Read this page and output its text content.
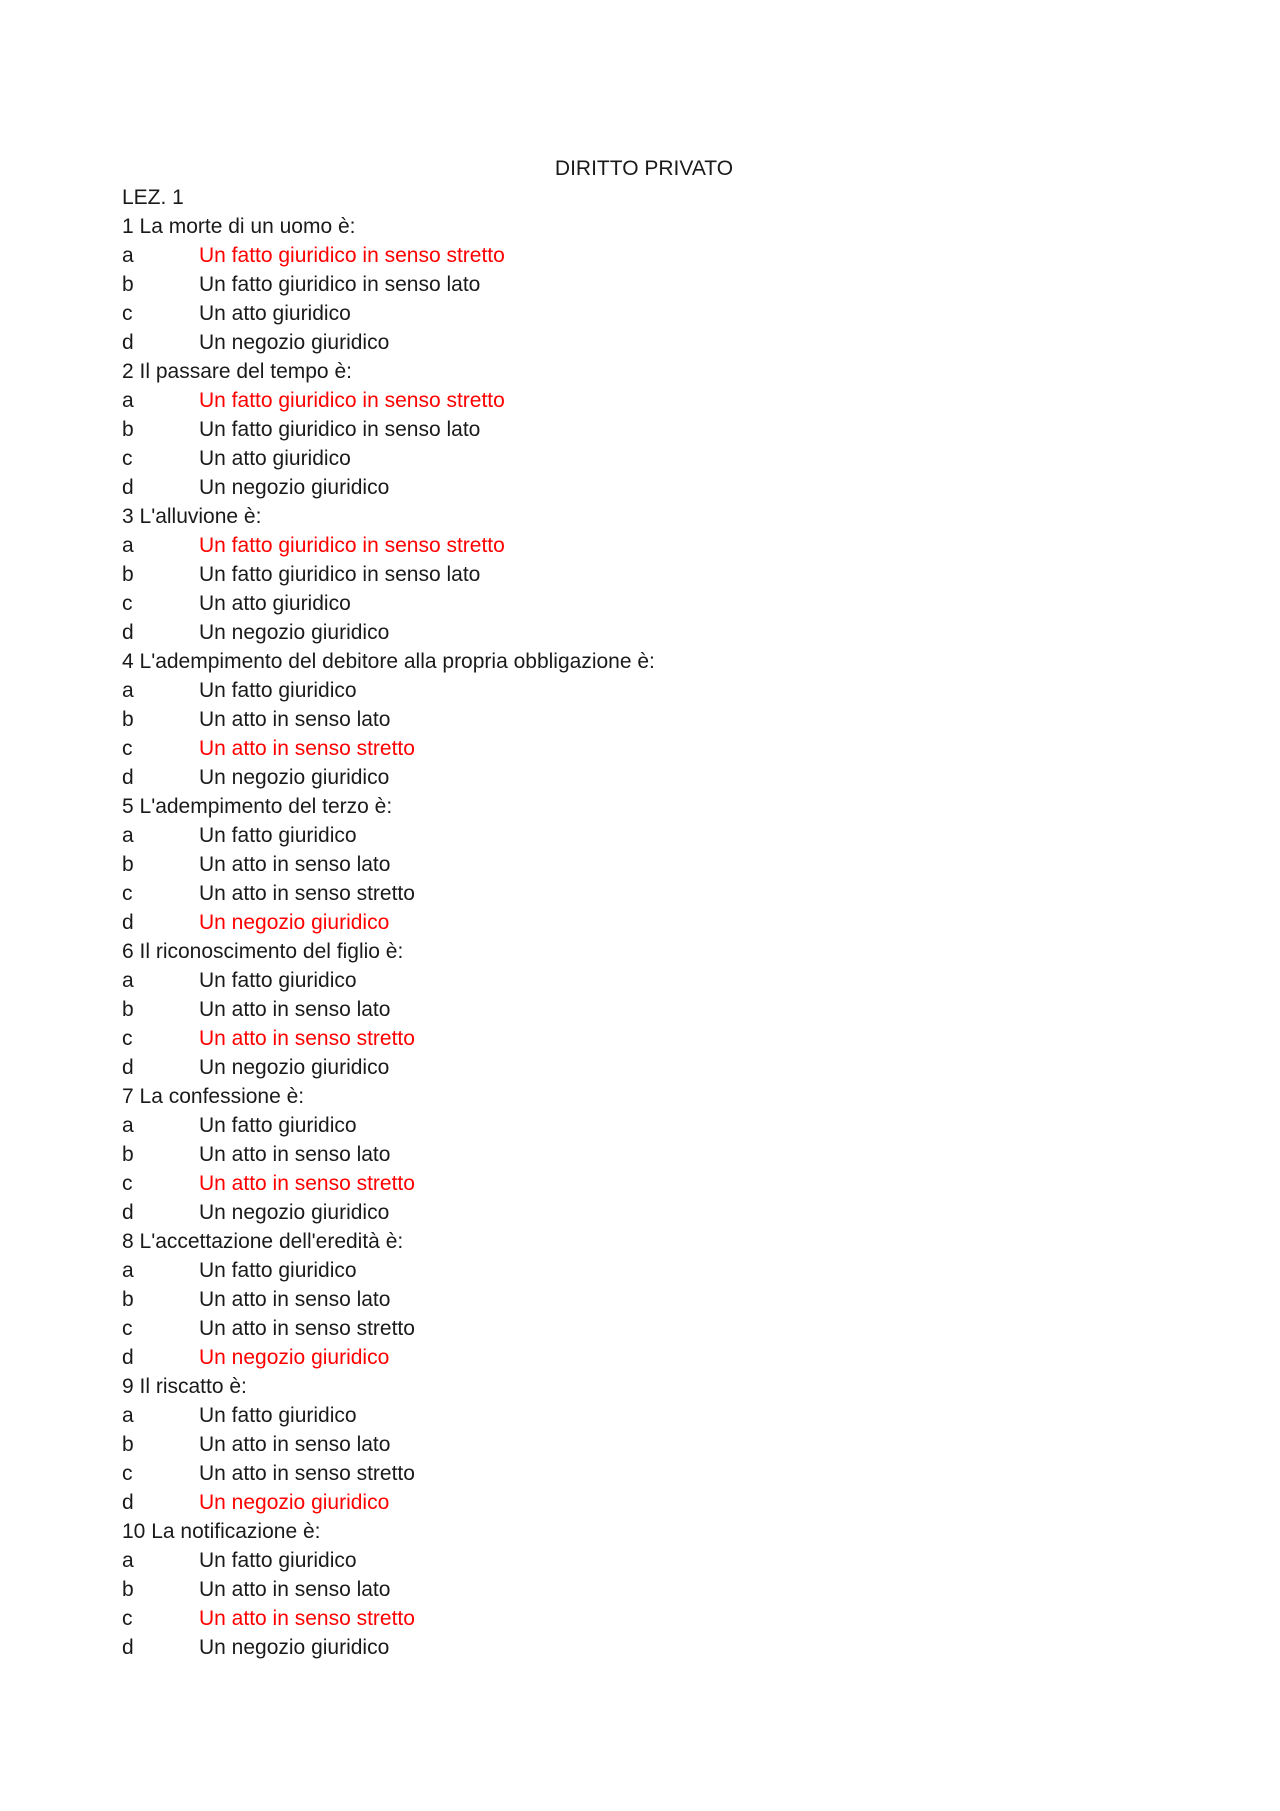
DIRITTO PRIVATO
LEZ. 1
1 La morte di un uomo è:
a	Un fatto giuridico in senso stretto
b	Un fatto giuridico in senso lato
c	Un atto giuridico
d	Un negozio giuridico
2 Il passare del tempo è:
a	Un fatto giuridico in senso stretto
b	Un fatto giuridico in senso lato
c	Un atto giuridico
d	Un negozio giuridico
3 L'alluvione è:
a	Un fatto giuridico in senso stretto
b	Un fatto giuridico in senso lato
c	Un atto giuridico
d	Un negozio giuridico
4 L'adempimento del debitore alla propria obbligazione è:
a	Un fatto giuridico
b	Un atto in senso lato
c	Un atto in senso stretto
d	Un negozio giuridico
5 L'adempimento del terzo è:
a	Un fatto giuridico
b	Un atto in senso lato
c	Un atto in senso stretto
d	Un negozio giuridico
6 Il riconoscimento del figlio è:
a	Un fatto giuridico
b	Un atto in senso lato
c	Un atto in senso stretto
d	Un negozio giuridico
7 La confessione è:
a	Un fatto giuridico
b	Un atto in senso lato
c	Un atto in senso stretto
d	Un negozio giuridico
8 L'accettazione dell'eredità è:
a	Un fatto giuridico
b	Un atto in senso lato
c	Un atto in senso stretto
d	Un negozio giuridico
9 Il riscatto è:
a	Un fatto giuridico
b	Un atto in senso lato
c	Un atto in senso stretto
d	Un negozio giuridico
10 La notificazione è:
a	Un fatto giuridico
b	Un atto in senso lato
c	Un atto in senso stretto
d	Un negozio giuridico
